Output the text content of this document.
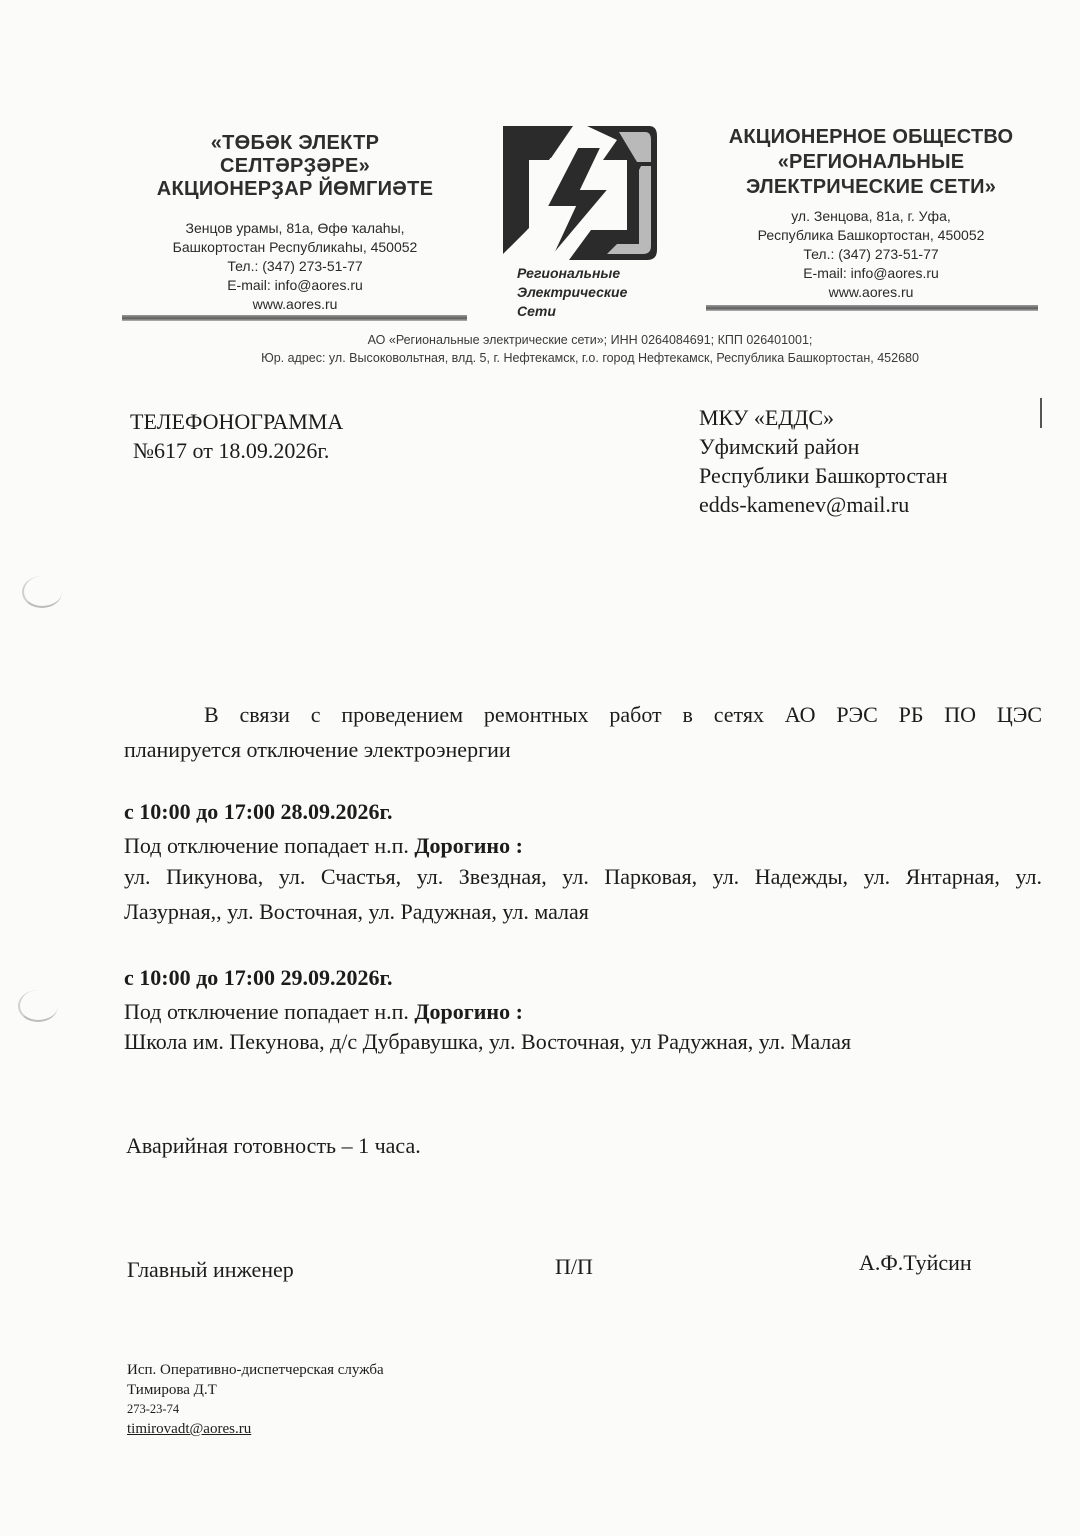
«ТӨБӘК ЭЛЕКТР
СЕЛТӘРҘӘРЕ»
АКЦИОНЕРҘАР ЙӨМГИӘТЕ
Зенцов урамы, 81а, Өфө ҡалаһы,
Башкортостан Республикаһы, 450052
Тел.: (347) 273-51-77
E-mail: info@aores.ru
www.aores.ru
Региональные
Электрические
Сети
АКЦИОНЕРНОЕ ОБЩЕСТВО
«РЕГИОНАЛЬНЫЕ
ЭЛЕКТРИЧЕСКИЕ СЕТИ»
ул. Зенцова, 81а, г. Уфа,
Республика Башкортостан, 450052
Тел.: (347) 273-51-77
E-mail: info@aores.ru
www.aores.ru
АО «Региональные электрические сети»; ИНН 0264084691; КПП 026401001;
Юр. адрес: ул. Высоковольтная, влд. 5, г. Нефтекамск, г.о. город Нефтекамск, Республика Башкортостан, 452680
ТЕЛЕФОНОГРАММА
№617 от 18.09.2026г.
МКУ «ЕДДС»
Уфимский район
Республики Башкортостан
edds-kamenev@mail.ru
В связи с проведением ремонтных работ в сетях АО РЭС РБ ПО ЦЭС
планируется отключение электроэнергии
с 10:00 до 17:00 28.09.2026г.
Под отключение попадает н.п. Дорогино :
ул. Пикунова, ул. Счастья, ул. Звездная, ул. Парковая, ул. Надежды, ул. Янтарная, ул.
Лазурная,, ул. Восточная, ул. Радужная, ул. малая
с 10:00 до 17:00 29.09.2026г.
Под отключение попадает н.п. Дорогино :
Школа им. Пекунова, д/с Дубравушка, ул. Восточная, ул Радужная, ул. Малая
Аварийная готовность – 1 часа.
Главный инженер	П/П	А.Ф.Туйсин
Исп. Оперативно-диспетчерская служба
Тимирова Д.Т
273-23-74
timirovadt@aores.ru
